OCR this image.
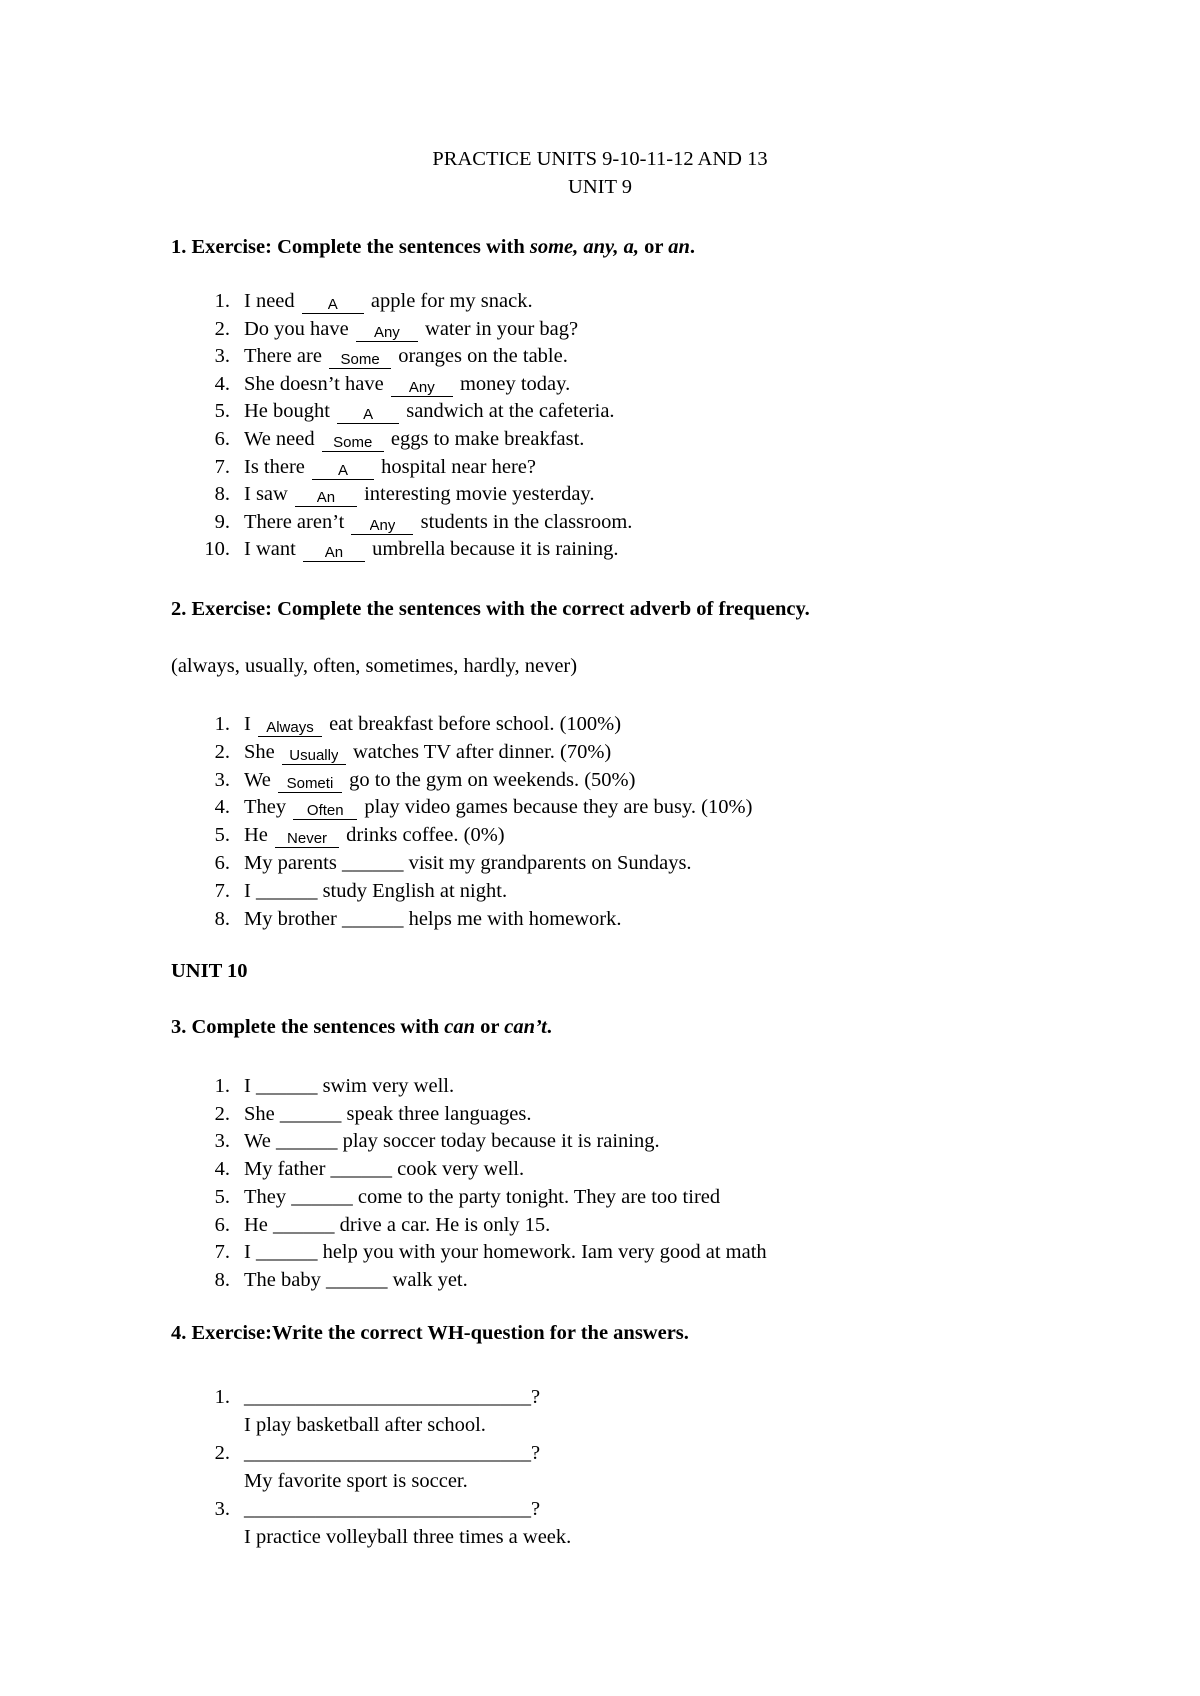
PRACTICE UNITS 9-10-11-12 AND 13
UNIT 9
1. Exercise: Complete the sentences with some, any, a, or an.
1. I need A apple for my snack.
2. Do you have Any water in your bag?
3. There are Some oranges on the table.
4. She doesn’t have Any money today.
5. He bought A sandwich at the cafeteria.
6. We need Some eggs to make breakfast.
7. Is there A hospital near here?
8. I saw An interesting movie yesterday.
9. There aren’t Any students in the classroom.
10. I want An umbrella because it is raining.
2. Exercise: Complete the sentences with the correct adverb of frequency.
(always, usually, often, sometimes, hardly, never)
1. I Always eat breakfast before school. (100%)
2. She Usually watches TV after dinner. (70%)
3. We Someti go to the gym on weekends. (50%)
4. They Often play video games because they are busy. (10%)
5. He Never drinks coffee. (0%)
6. My parents ______ visit my grandparents on Sundays.
7. I ______ study English at night.
8. My brother ______ helps me with homework.
UNIT 10
3. Complete the sentences with can or can’t.
1. I ______ swim very well.
2. She ______ speak three languages.
3. We ______ play soccer today because it is raining.
4. My father ______ cook very well.
5. They ______ come to the party tonight. They are too tired
6. He ______ drive a car. He is only 15.
7. I ______ help you with your homework. Iam very good at math
8. The baby ______ walk yet.
4. Exercise:Write the correct WH-question for the answers.
1. ____________________________?
I play basketball after school.
2. ____________________________?
My favorite sport is soccer.
3. ____________________________?
I practice volleyball three times a week.
